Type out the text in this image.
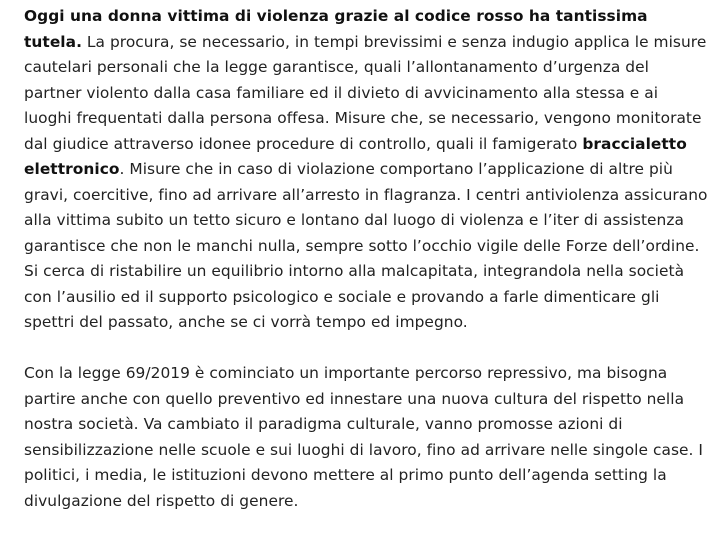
Oggi una donna vittima di violenza grazie al codice rosso ha tantissima tutela. La procura, se necessario, in tempi brevissimi e senza indugio applica le misure cautelari personali che la legge garantisce, quali l’allontanamento d’urgenza del partner violento dalla casa familiare ed il divieto di avvicinamento alla stessa e ai luoghi frequentati dalla persona offesa. Misure che, se necessario, vengono monitorate dal giudice attraverso idonee procedure di controllo, quali il famigerato braccialetto elettronico. Misure che in caso di violazione comportano l’applicazione di altre più gravi, coercitive, fino ad arrivare all’arresto in flagranza. I centri antiviolenza assicurano alla vittima subito un tetto sicuro e lontano dal luogo di violenza e l’iter di assistenza garantisce che non le manchi nulla, sempre sotto l’occhio vigile delle Forze dell’ordine. Si cerca di ristabilire un equilibrio intorno alla malcapitata, integrandola nella società con l’ausilio ed il supporto psicologico e sociale e provando a farle dimenticare gli spettri del passato, anche se ci vorrà tempo ed impegno.

Con la legge 69/2019 è cominciato un importante percorso repressivo, ma bisogna partire anche con quello preventivo ed innestare una nuova cultura del rispetto nella nostra società. Va cambiato il paradigma culturale, vanno promosse azioni di sensibilizzazione nelle scuole e sui luoghi di lavoro, fino ad arrivare nelle singole case. I politici, i media, le istituzioni devono mettere al primo punto dell’agenda setting la divulgazione del rispetto di genere.
